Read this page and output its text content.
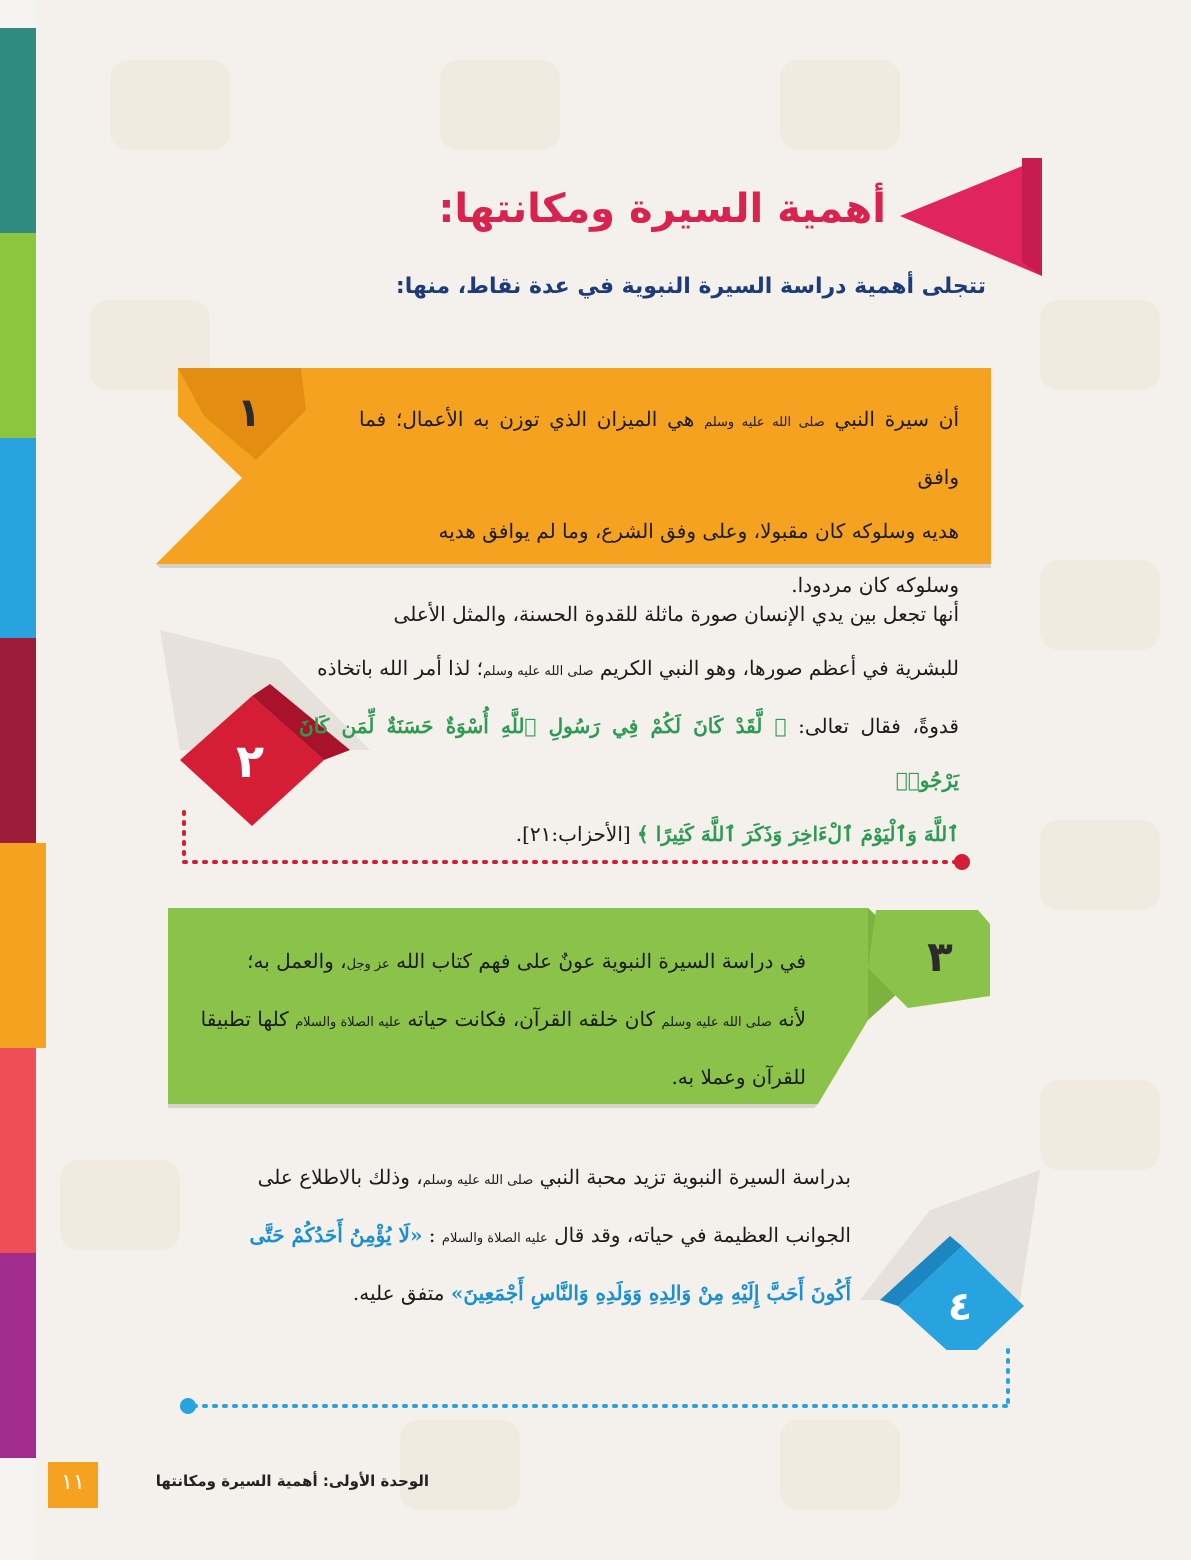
أهمية السيرة ومكانتها:
تتجلى أهمية دراسة السيرة النبوية في عدة نقاط، منها:
١	أن سيرة النبي صلى الله عليه وسلم هي الميزان الذي توزن به الأعمال؛ فما وافق
هديه وسلوكه كان مقبولا، وعلى وفق الشرع، وما لم يوافق هديه
وسلوكه كان مردودا.
٢
أنها تجعل بين يدي الإنسان صورة ماثلة للقدوة الحسنة، والمثل الأعلى
للبشرية في أعظم صورها، وهو النبي الكريم صلى الله عليه وسلم؛ لذا أمر الله باتخاذه
قدوةً، فقال تعالى: ﴿ لَّقَدْ كَانَ لَكُمْ فِي رَسُولِ ٱللَّهِ أُسْوَةٌ حَسَنَةٌ لِّمَن كَانَ يَرْجُوا۟
ٱللَّهَ وَٱلْيَوْمَ ٱلْءَاخِرَ وَذَكَرَ ٱللَّهَ كَثِيرًا ﴾ [الأحزاب:٢١].
٣
في دراسة السيرة النبوية عونٌ على فهم كتاب الله عز وجل، والعمل به؛
لأنه صلى الله عليه وسلم كان خلقه القرآن، فكانت حياته عليه الصلاة والسلام كلها تطبيقا
للقرآن وعملا به.
٤
بدراسة السيرة النبوية تزيد محبة النبي صلى الله عليه وسلم، وذلك بالاطلاع على
الجوانب العظيمة في حياته، وقد قال عليه الصلاة والسلام : «لَا يُؤْمِنُ أَحَدُكُمْ حَتَّى
أَكُونَ أَحَبَّ إِلَيْهِ مِنْ وَالِدِهِ وَوَلَدِهِ وَالنَّاسِ أَجْمَعِينَ» متفق عليه.
١١	الوحدة الأولى: أهمية السيرة ومكانتها
